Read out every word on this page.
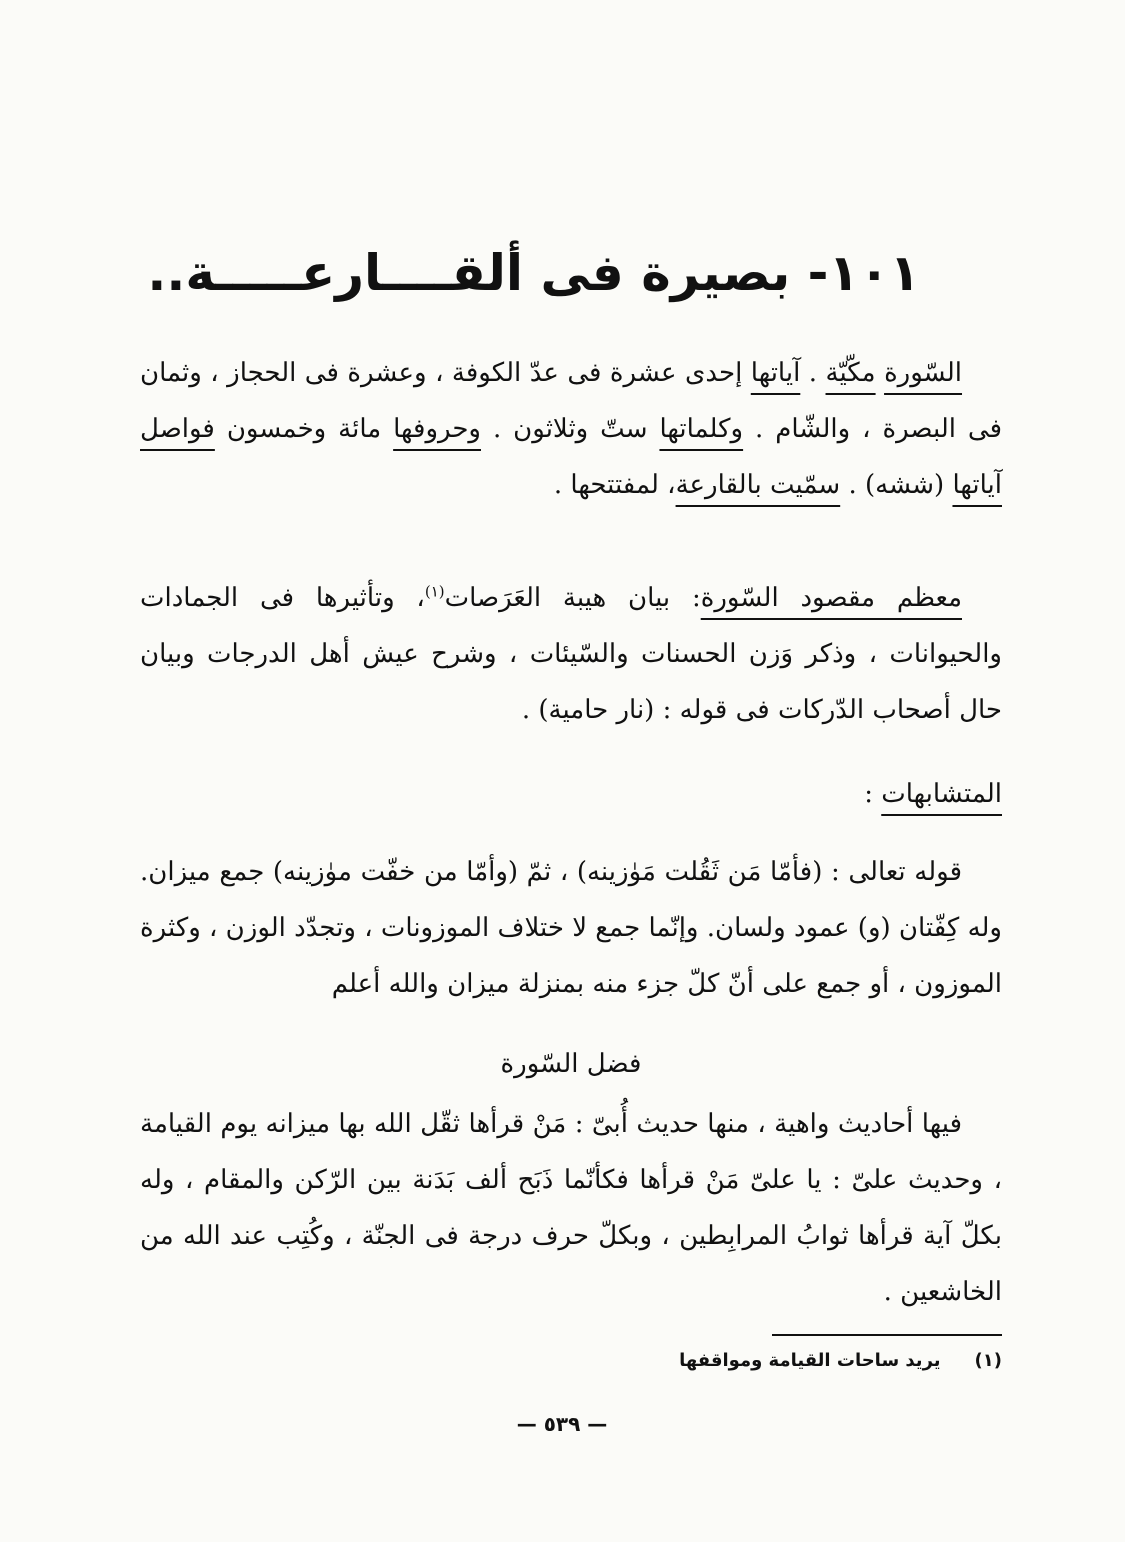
١٠١- بصيرة فى ألقــــارعـــــة..

السّورة مكّيّة . آياتها إحدى عشرة فى عدّ الكوفة ، وعشرة فى الحجاز ، وثمان فى البصرة ، والشّام . وكلماتها ستّ وثلاثون . وحروفها مائة وخمسون فواصل آياتها (ششه) . سمّيت بالقارعة، لمفتتحها .

معظم مقصود السّورة: بيان هيبة العَرَصات$^{(١)}$، وتأثيرها فى الجمادات والحيوانات ، وذكر وَزن الحسنات والسّيئات ، وشرح عيش أهل الدرجات وبيان حال أصحاب الدّركات فى قوله : (نار حامية) .

المتشابهات :

قوله تعالى : (فأمّا مَن ثَقُلت مَوٰزينه) ، ثمّ (وأمّا من خفّت موٰزينه) جمع ميزان. وله كِفّتان (و) عمود ولسان. وإنّما جمع لا ختلاف الموزونات ، وتجدّد الوزن ، وكثرة الموزون ، أو جمع على أنّ كلّ جزء منه بمنزلة ميزان والله أعلم

فضل السّورة

فيها أحاديث واهية ، منها حديث أُبىّ : مَنْ قرأها ثقّل الله بها ميزانه يوم القيامة ، وحديث علىّ : يا علىّ مَنْ قرأها فكأنّما ذَبَح ألف بَدَنة بين الرّكن والمقام ، وله بكلّ آية قرأها ثوابُ المرابِطين ، وبكلّ حرف درجة فى الجنّة ، وكُتِب عند الله من الخاشعين .

(١)يريد ساحات القيامة ومواقفها
— ٥٣٩ —
